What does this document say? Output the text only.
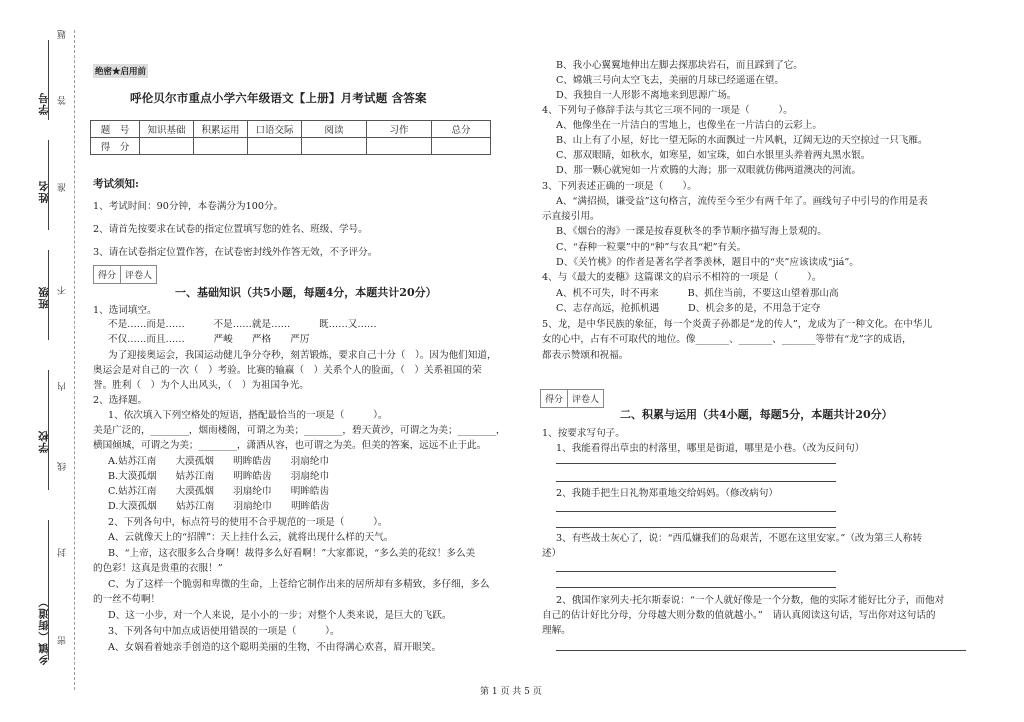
题
学号 答
姓名 准
班级 不
内
学校
线
封
乡镇（街道） 密
绝密★启用前
呼伦贝尔市重点小学六年级语文【上册】月考试题 含答案
题　号	知识基础	积累运用	口语交际	阅读	习作	总分
得　分						
考试须知:
1、考试时间：90分钟，本卷满分为100分。
2、请首先按要求在试卷的指定位置填写您的姓名、班级、学号。
3、请在试卷指定位置作答，在试卷密封线外作答无效，不予评分。
得分	评卷人
一、基础知识（共5小题，每题4分，本题共计20分）
1、选词填空。
不是……而是……　　　不是……就是……　　　既……又……
不仅……而且……　　　严峻　　严格　　严厉
为了迎接奥运会，我国运动健儿争分夺秒，刻苦锻炼，要求自己十分（　）。因为他们知道，
奥运会是对自己的一次（　）考验。比赛的输赢（　）关系个人的脸面，（　）关系祖国的荣
誉。胜利（　）为个人出风头，（　）为祖国争光。
2、选择题。
1、依次填入下列空格处的短语，搭配最恰当的一项是（　　　）。
美是广泛的，________，烟雨楼阁，可谓之为美；________，碧天黄沙，可谓之为美；________，
横国倾城，可谓之为美；________，潇洒从容，也可谓之为美。但美的答案，远远不止于此。
A.姑苏江南　　大漠孤烟　　明眸皓齿　　羽扇纶巾
B.大漠孤烟　　姑苏江南　　明眸皓齿　　羽扇纶巾
C.姑苏江南　　大漠孤烟　　羽扇纶巾　　明眸皓齿
D.大漠孤烟　　姑苏江南　　羽扇纶巾　　明眸皓齿
2、下列各句中，标点符号的使用不合乎规范的一项是（　　　）。
A、云就像天上的“招牌”：天上挂什么云，就将出现什么样的天气。
B、“上帝，这衣服多么合身啊！裁得多么好看啊！”大家都说，“多么美的花纹！多么美
的色彩！这真是贵重的衣服！”
C、为了这样一个脆弱和卑微的生命，上苍给它制作出来的居所却有多精致，多仔细，多么
的一丝不苟啊！
D、这一小步，对一个人来说，是小小的一步；对整个人类来说，是巨大的飞跃。
3、下列各句中加点成语使用错误的一项是（　　　）。
A、女娲看着她亲手创造的这个聪明美丽的生物，不由得满心欢喜，眉开眼笑。
B、我小心翼翼地伸出左脚去探那块岩石，而且踩到了它。
C、嫦娥三号向太空飞去，美丽的月球已经遥遥在望。
D、我独自一人形影不离地来到思源广场。
4、下列句子修辞手法与其它三项不同的一项是（　　　）。
A、他像坐在一片洁白的雪地上，也像坐在一片洁白的云彩上。
B、山上有了小屋，好比一望无际的水面飘过一片风帆，辽阔无边的天空掠过一只飞雁。
C、那双眼睛，如秋水，如寒星，如宝珠，如白水银里头养着两丸黑水银。
D、那一颗心就宛如一片欢腾的大海；那一双眼就仿佛两道澳决的河流。
3、下列表述正确的一项是（　　）。
A、“满招损，谦受益”这句格言，流传至今至少有两千年了。画线句子中引号的作用是表
示直接引用。
B、《烟台的海》一课是按春夏秋冬的季节顺序描写海上景观的。
C、“春种一粒粟”中的“种”与农具“耙”有关。
D、《关竹桃》的作者是著名学者季羡林，题目中的“夹”应该读成“jiá”。
4、与《最大的麦穗》这篇课文的启示不相符的一项是（　　　）。
A、机不可失，时不再来　　　B、抓住当前，不要这山望着那山高
C、志存高远，抢抓机遇　　　D、机会多的是，不用急于定夺
5、龙，是中华民族的象征，每一个炎黄子孙都是“龙的传人”，龙成为了一种文化。在中华儿
女的心中，占有不可取代的地位。像_______、_______、_______等带有“龙”字的成语，
都表示赞颂和祝福。
得分	评卷人
二、积累与运用（共4小题，每题5分，本题共计20分）
1、按要求写句子。
1、我能看得出草虫的村落里，哪里是街道，哪里是小巷。（改为反问句）
2、我随手把生日礼物郑重地交给妈妈。（修改病句）
3、有些战士灰心了，说：“西瓜嫌我们的岛艰苦，不愿在这里安家。”（改为第三人称转
述）
2、俄国作家列夫·托尔斯泰说：“一个人就好像是一个分数，他的实际才能好比分子，而他对
自己的估计好比分母，分母越大则分数的值就越小。”　请认真阅读这句话，写出你对这句话的
理解。
第 1 页 共 5 页
